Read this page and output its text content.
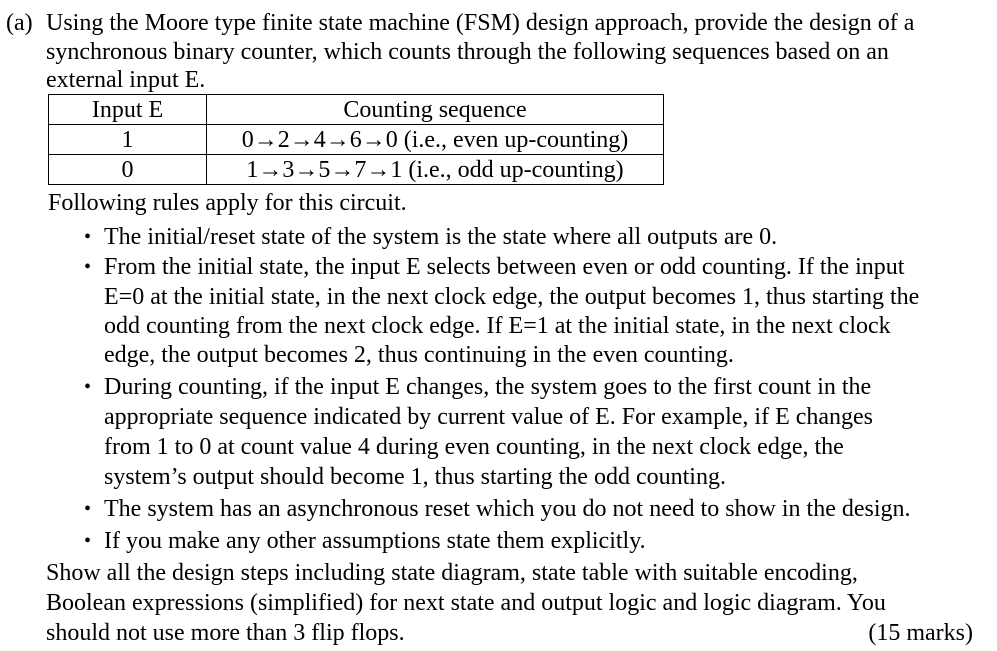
(a) Using the Moore type finite state machine (FSM) design approach, provide the design of a
synchronous binary counter, which counts through the following sequences based on an
external input E.
Input E	Counting sequence
1	0→2→4→6→0 (i.e., even up-counting)
0	1→3→5→7→1 (i.e., odd up-counting)
Following rules apply for this circuit.
• The initial/reset state of the system is the state where all outputs are 0.
• From the initial state, the input E selects between even or odd counting. If the input
E=0 at the initial state, in the next clock edge, the output becomes 1, thus starting the
odd counting from the next clock edge. If E=1 at the initial state, in the next clock
edge, the output becomes 2, thus continuing in the even counting.
• During counting, if the input E changes, the system goes to the first count in the
appropriate sequence indicated by current value of E. For example, if E changes
from 1 to 0 at count value 4 during even counting, in the next clock edge, the
system’s output should become 1, thus starting the odd counting.
• The system has an asynchronous reset which you do not need to show in the design.
• If you make any other assumptions state them explicitly.
Show all the design steps including state diagram, state table with suitable encoding,
Boolean expressions (simplified) for next state and output logic and logic diagram. You
should not use more than 3 flip flops.	(15 marks)
